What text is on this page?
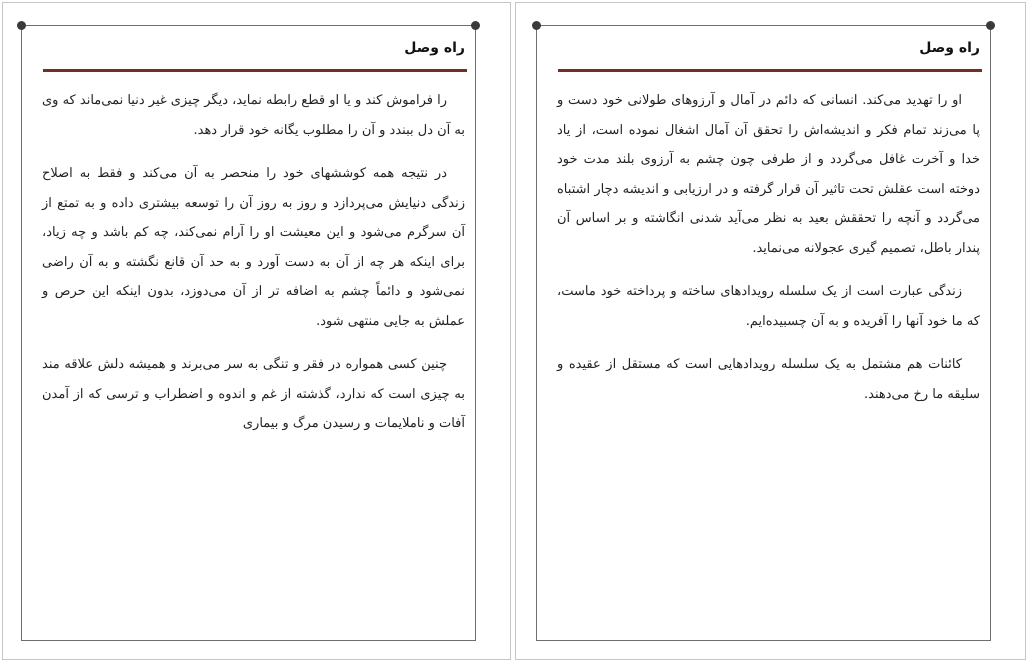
راه وصل

را فراموش کند و یا او قطع رابطه نماید، دیگر چیزی غیر دنیا نمی‌ماند که وی به آن دل ببندد و آن را مطلوب یگانه خود قرار دهد.

در نتیجه همه کوششهای خود را منحصر به آن می‌کند و فقط به اصلاح زندگی دنیایش می‌پردازد و روز به روز آن را توسعه بیشتری داده و به تمتع از آن سرگرم می‌شود و این معیشت او را آرام نمی‌کند، چه کم باشد و چه زیاد، برای اینکه هر چه از آن به دست آورد و به حد آن قانع نگشته و به آن راضی نمی‌شود و دائماً چشم به اضافه تر از آن می‌دوزد، بدون اینکه این حرص و عملش به جایی منتهی شود.

چنین کسی همواره در فقر و تنگی به سر می‌برند و همیشه دلش علاقه مند به چیزی است که ندارد، گذشته از غم و اندوه و اضطراب و ترسی که از آمدن آفات و ناملایمات و رسیدن مرگ و بیماری

راه وصل

او را تهدید می‌کند. انسانی که دائم در آمال و آرزوهای طولانی خود دست و پا می‌زند تمام فکر و اندیشه‌اش را تحقق آن آمال اشغال نموده است، از یاد خدا و آخرت غافل می‌گردد و از طرفی چون چشم به آرزوی بلند مدت خود دوخته است عقلش تحت تاثیر آن قرار گرفته و در ارزیابی و اندیشه دچار اشتباه می‌گردد و آنچه را تحققش بعید به نظر می‌آید شدنی انگاشته و بر اساس آن پندار باطل، تصمیم گیری عجولانه می‌نماید.

زندگی عبارت است از یک سلسله رویدادهای ساخته و پرداخته خود ماست، که ما خود آنها را آفریده و به آن چسبیده‌ایم.

کائنات هم مشتمل به یک سلسله رویدادهایی است که مستقل از عقیده و سلیقه ما رخ می‌دهند.
